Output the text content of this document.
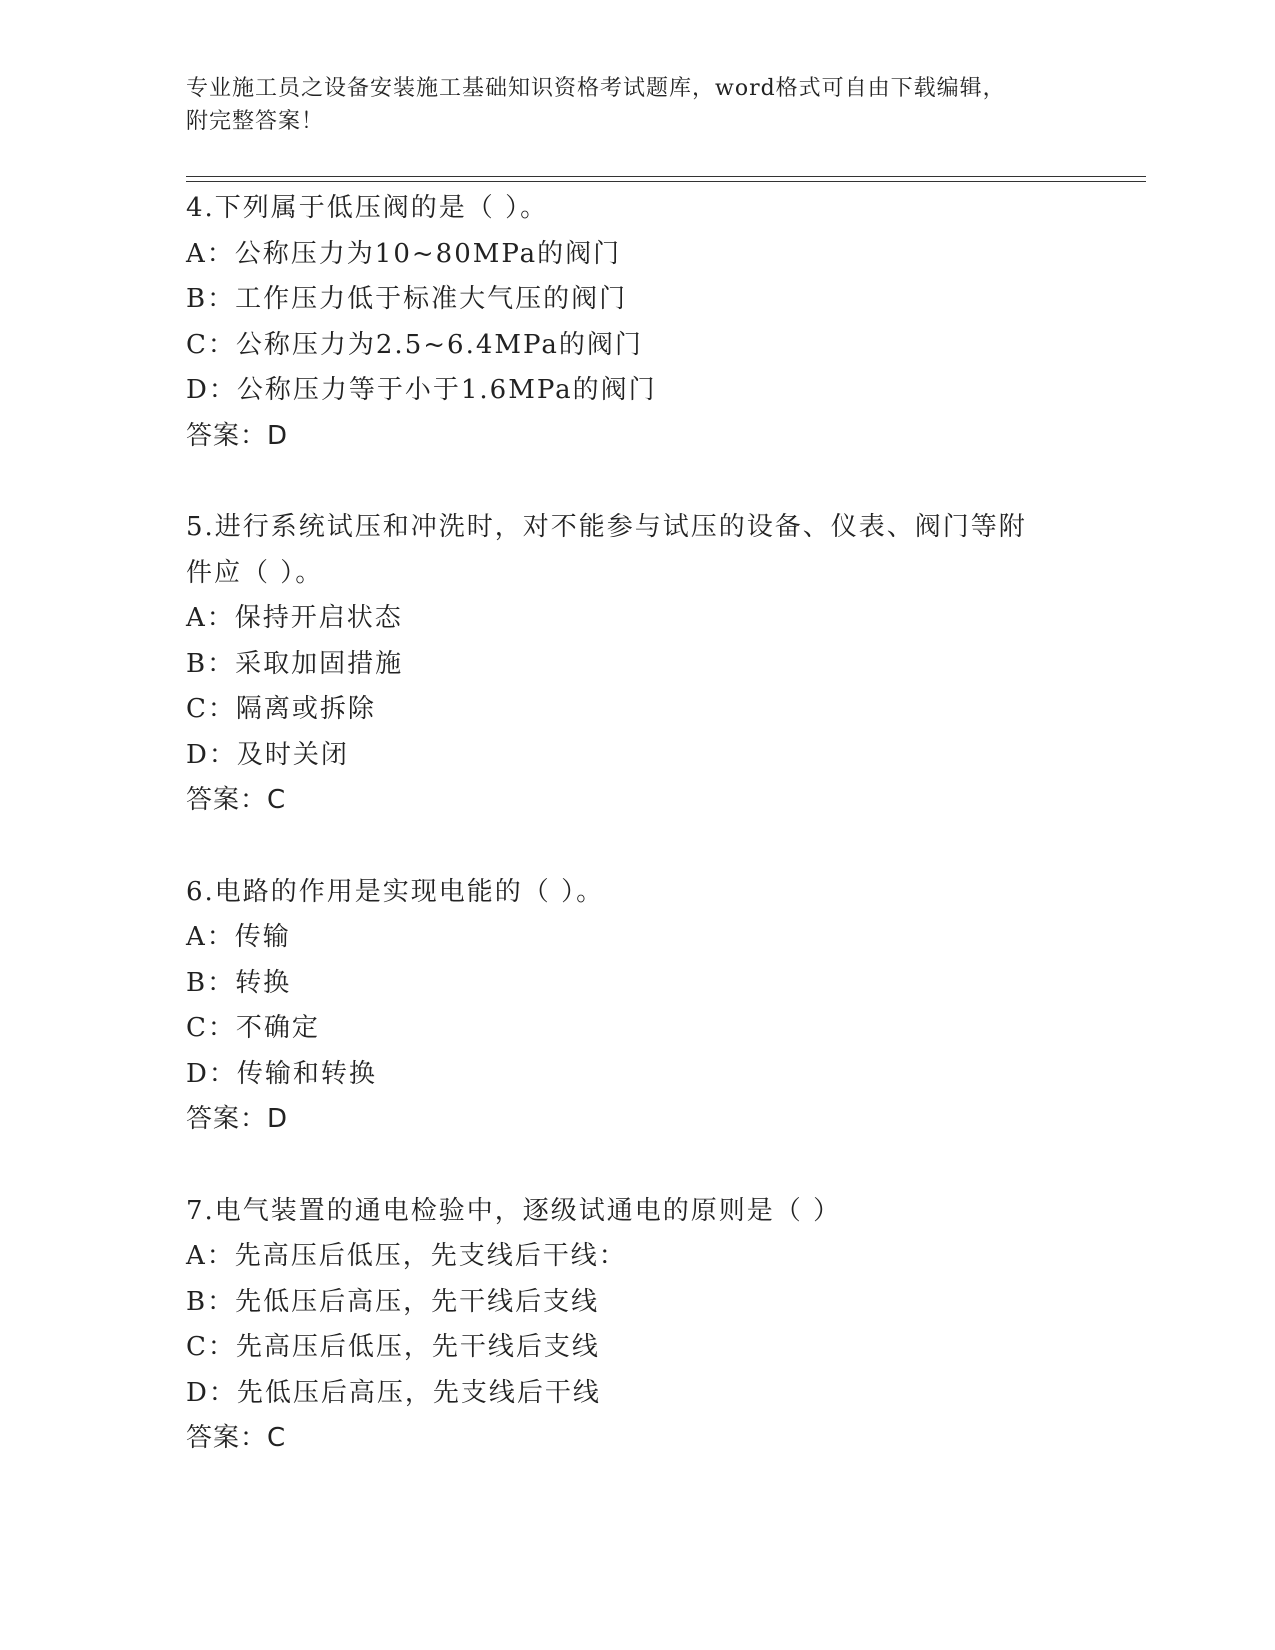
专业施工员之设备安装施工基础知识资格考试题库，word格式可自由下载编辑，
附完整答案！
4.下列属于低压阀的是（ ）。
A：公称压力为10~80MPa的阀门
B：工作压力低于标准大气压的阀门
C：公称压力为2.5~6.4MPa的阀门
D：公称压力等于小于1.6MPa的阀门
答案：D
5.进行系统试压和冲洗时，对不能参与试压的设备、仪表、阀门等附件应（ ）。
A：保持开启状态
B：采取加固措施
C：隔离或拆除
D：及时关闭
答案：C
6.电路的作用是实现电能的（ ）。
A：传输
B：转换
C：不确定
D：传输和转换
答案：D
7.电气装置的通电检验中，逐级试通电的原则是（ ）
A：先高压后低压，先支线后干线：
B：先低压后高压，先干线后支线
C：先高压后低压，先干线后支线
D：先低压后高压，先支线后干线
答案：C
